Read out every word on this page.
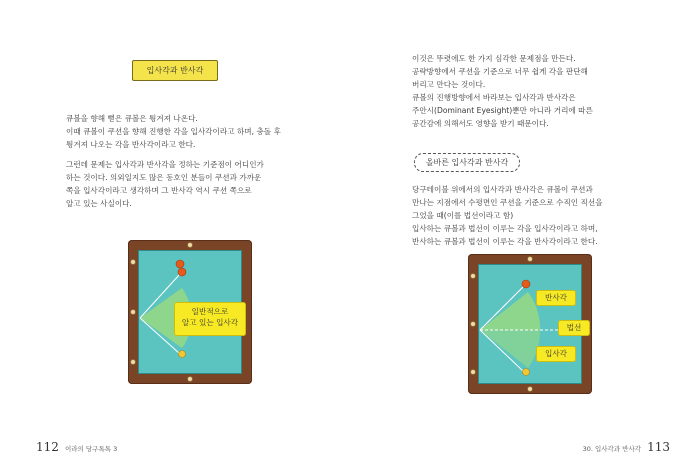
입사각과 반사각
큐볼을 향해 뻗은 큐볼은 튕겨져 나온다.
이때 큐볼이 쿠션을 향해 진행한 각을 입사각이라고 하며, 충돌 후
튕겨져 나오는 각을 반사각이라고 한다.
그런데 문제는 입사각과 반사각을 정하는 기준점이 어디인가
하는 것이다. 의외일지도 많은 동호인 분들이 쿠션과 가까운
쪽을 입사각이라고 생각하며 그 반사각 역시 쿠션 쪽으로
알고 있는 사실이다.
일반적으로
알고 있는 입사각
112 이라의 당구톡톡 3
이것은 뚜렷에도 한 가지 심각한 문제점을 만든다.
공략방향에서 쿠션을 기준으로 너무 쉽게 각을 판단해
버리고 만다는 것이다.
큐볼의 진행방향에서 바라보는 입사각과 반사각은
주안시(Dominant Eyesight)뿐만 아니라 거리에 따른
공간감에 의해서도 영향을 받기 때문이다.
올바른 입사각과 반사각
당구테이블 위에서의 입사각과 반사각은 큐볼이 쿠션과
만나는 지점에서 수평면인 쿠션을 기준으로 수직인 직선을
그었을 때(이를 법선이라고 함)
입사하는 큐볼과 법선이 이루는 각을 입사각이라고 하며,
반사하는 큐볼과 법선이 이루는 각을 반사각이라고 한다.
반사각
법선
입사각
30. 입사각과 반사각 113
